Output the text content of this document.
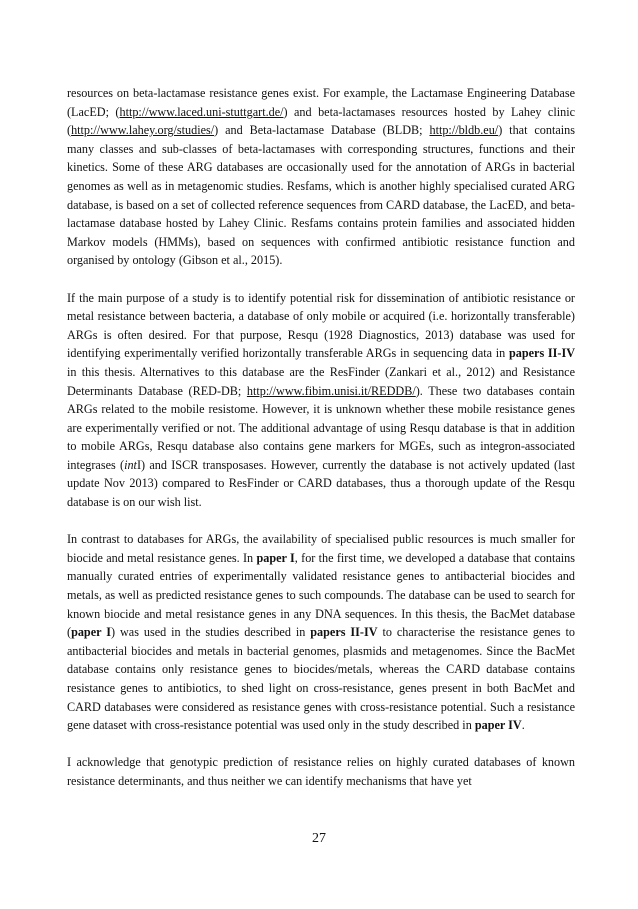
resources on beta-lactamase resistance genes exist. For example, the Lactamase Engineering Database (LacED; (http://www.laced.uni-stuttgart.de/) and beta-lactamases resources hosted by Lahey clinic (http://www.lahey.org/studies/) and Beta-lactamase Database (BLDB; http://bldb.eu/) that contains many classes and sub-classes of beta-lactamases with corresponding structures, functions and their kinetics. Some of these ARG databases are occasionally used for the annotation of ARGs in bacterial genomes as well as in metagenomic studies. Resfams, which is another highly specialised curated ARG database, is based on a set of collected reference sequences from CARD database, the LacED, and beta-lactamase database hosted by Lahey Clinic. Resfams contains protein families and associated hidden Markov models (HMMs), based on sequences with confirmed antibiotic resistance function and organised by ontology (Gibson et al., 2015).

If the main purpose of a study is to identify potential risk for dissemination of antibiotic resistance or metal resistance between bacteria, a database of only mobile or acquired (i.e. horizontally transferable) ARGs is often desired. For that purpose, Resqu (1928 Diagnostics, 2013) database was used for identifying experimentally verified horizontally transferable ARGs in sequencing data in papers II-IV in this thesis. Alternatives to this database are the ResFinder (Zankari et al., 2012) and Resistance Determinants Database (RED-DB; http://www.fibim.unisi.it/REDDB/). These two databases contain ARGs related to the mobile resistome. However, it is unknown whether these mobile resistance genes are experimentally verified or not. The additional advantage of using Resqu database is that in addition to mobile ARGs, Resqu database also contains gene markers for MGEs, such as integron-associated integrases (intI) and ISCR transposases. However, currently the database is not actively updated (last update Nov 2013) compared to ResFinder or CARD databases, thus a thorough update of the Resqu database is on our wish list.

In contrast to databases for ARGs, the availability of specialised public resources is much smaller for biocide and metal resistance genes. In paper I, for the first time, we developed a database that contains manually curated entries of experimentally validated resistance genes to antibacterial biocides and metals, as well as predicted resistance genes to such compounds. The database can be used to search for known biocide and metal resistance genes in any DNA sequences. In this thesis, the BacMet database (paper I) was used in the studies described in papers II-IV to characterise the resistance genes to antibacterial biocides and metals in bacterial genomes, plasmids and metagenomes. Since the BacMet database contains only resistance genes to biocides/metals, whereas the CARD database contains resistance genes to antibiotics, to shed light on cross-resistance, genes present in both BacMet and CARD databases were considered as resistance genes with cross-resistance potential. Such a resistance gene dataset with cross-resistance potential was used only in the study described in paper IV.

I acknowledge that genotypic prediction of resistance relies on highly curated databases of known resistance determinants, and thus neither we can identify mechanisms that have yet

27
